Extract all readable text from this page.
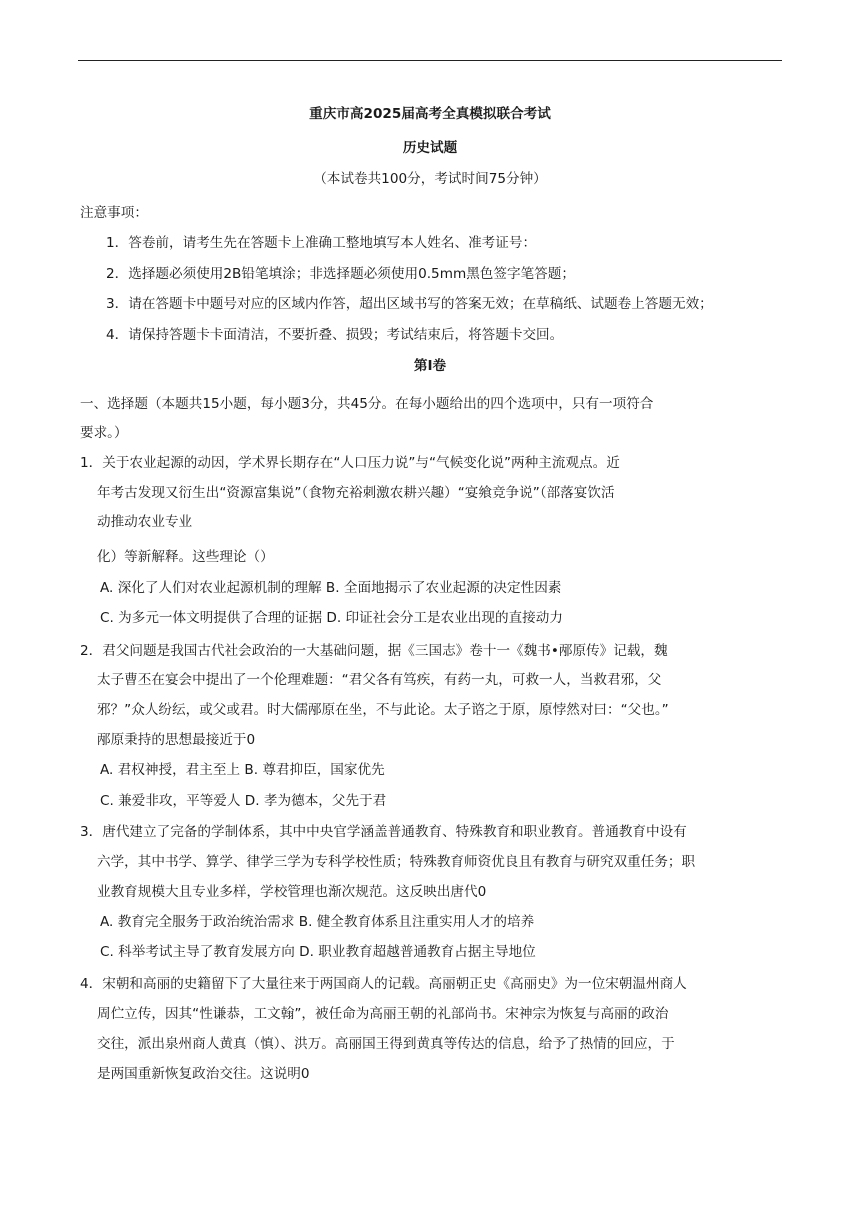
重庆市高2025届高考全真模拟联合考试
历史试题
（本试卷共100分，考试时间75分钟）
注意事项：
1．答卷前，请考生先在答题卡上准确工整地填写本人姓名、准考证号：
2．选择题必须使用2B铅笔填涂；非选择题必须使用0.5mm黑色签字笔答题；
3．请在答题卡中题号对应的区域内作答，超出区域书写的答案无效；在草稿纸、试题卷上答题无效；
4．请保持答题卡卡面清洁，不要折叠、损毁；考试结束后，将答题卡交回。
第I卷
一、选择题（本题共15小题，每小题3分，共45分。在每小题给出的四个选项中，只有一项符合
要求。）
1．关于农业起源的动因，学术界长期存在“人口压力说”与“气候变化说”两种主流观点。近
年考古发现又衍生出“资源富集说”（食物充裕刺激农耕兴趣）“宴飨竞争说”（部落宴饮活
动推动农业专业
化）等新解释。这些理论（）
A. 深化了人们对农业起源机制的理解 B. 全面地揭示了农业起源的决定性因素
C. 为多元一体文明提供了合理的证据 D. 印证社会分工是农业出现的直接动力
2．君父问题是我国古代社会政治的一大基础问题，据《三国志》卷十一《魏书•邴原传》记载，魏
太子曹丕在宴会中提出了一个伦理难题：“君父各有笃疾，有药一丸，可救一人，当救君邪，父
邪？”众人纷纭，或父或君。时大儒邴原在坐，不与此论。太子谘之于原，原悖然对曰：“父也。”
邴原秉持的思想最接近于0
A. 君权神授，君主至上 B. 尊君抑臣，国家优先
C. 兼爱非攻，平等爱人 D. 孝为德本，父先于君
3．唐代建立了完备的学制体系，其中中央官学涵盖普通教育、特殊教育和职业教育。普通教育中设有
六学，其中书学、算学、律学三学为专科学校性质；特殊教育师资优良且有教育与研究双重任务；职
业教育规模大且专业多样，学校管理也渐次规范。这反映出唐代0
A. 教育完全服务于政治统治需求 B. 健全教育体系且注重实用人才的培养
C. 科举考试主导了教育发展方向 D. 职业教育超越普通教育占据主导地位
4．宋朝和高丽的史籍留下了大量往来于两国商人的记载。高丽朝正史《高丽史》为一位宋朝温州商人
周伫立传，因其“性谦恭，工文翰”，被任命为高丽王朝的礼部尚书。宋神宗为恢复与高丽的政治
交往，派出泉州商人黄真（慎）、洪万。高丽国王得到黄真等传达的信息，给予了热情的回应，于
是两国重新恢复政治交往。这说明0
